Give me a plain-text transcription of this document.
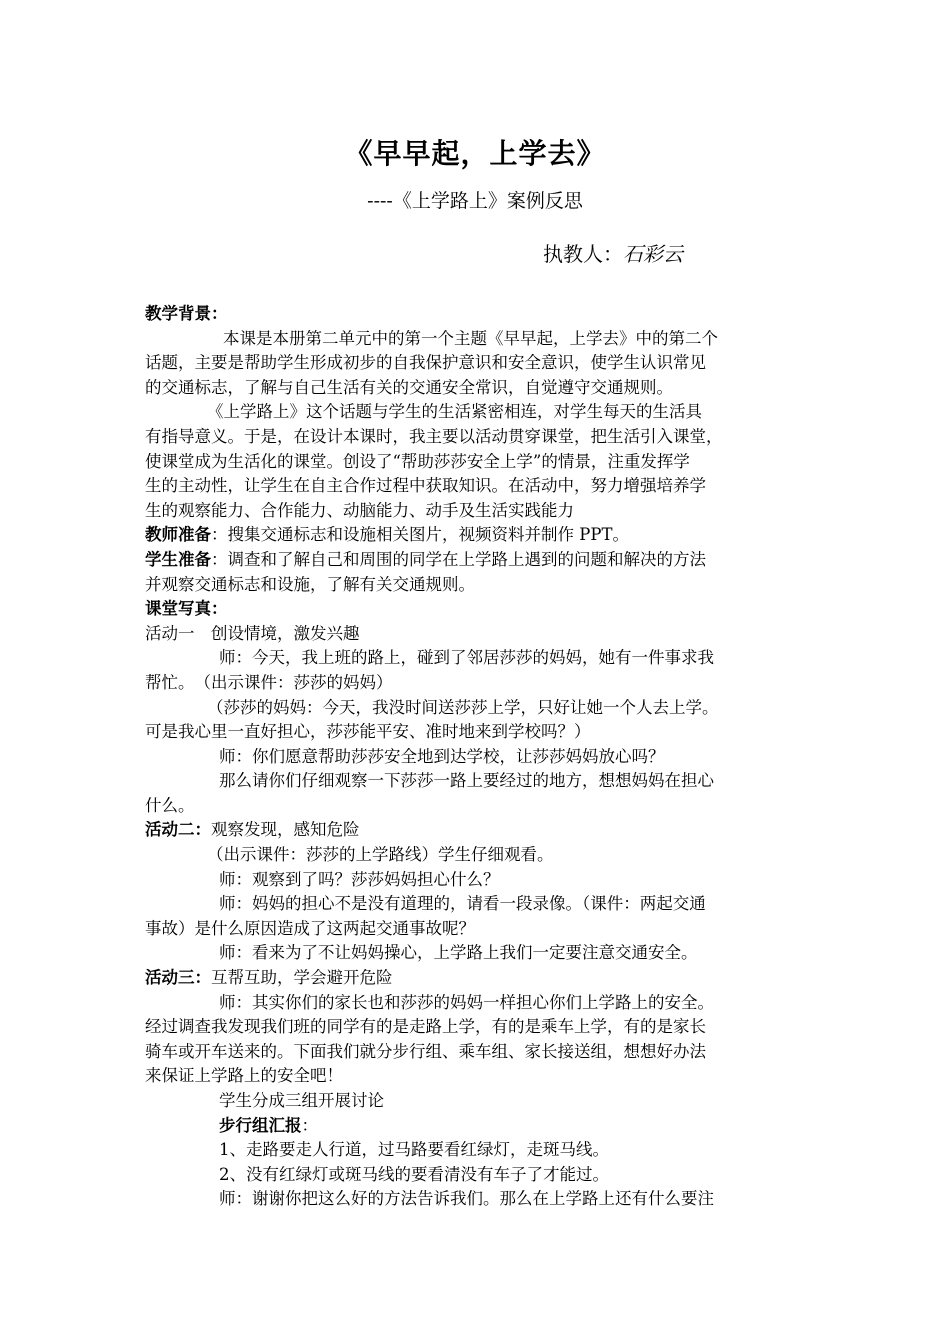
《早早起，上学去》
----《上学路上》案例反思
执教人：石彩云

教学背景：

本课是本册第二单元中的第一个主题《早早起，上学去》中的第二个

话题，主要是帮助学生形成初步的自我保护意识和安全意识，使学生认识常见

的交通标志，了解与自己生活有关的交通安全常识，自觉遵守交通规则。

《上学路上》这个话题与学生的生活紧密相连，对学生每天的生活具

有指导意义。于是，在设计本课时，我主要以活动贯穿课堂，把生活引入课堂，

使课堂成为生活化的课堂。创设了“帮助莎莎安全上学”的情景，注重发挥学

生的主动性，让学生在自主合作过程中获取知识。在活动中，努力增强培养学

生的观察能力、合作能力、动脑能力、动手及生活实践能力

教师准备：搜集交通标志和设施相关图片，视频资料并制作 PPT。

学生准备：调查和了解自己和周围的同学在上学路上遇到的问题和解决的方法

并观察交通标志和设施，了解有关交通规则。

课堂写真：

活动一　创设情境，激发兴趣

师：今天，我上班的路上，碰到了邻居莎莎的妈妈，她有一件事求我

帮忙。　（出示课件：莎莎的妈妈）

（莎莎的妈妈：今天，我没时间送莎莎上学，只好让她一个人去上学。

可是我心里一直好担心，莎莎能平安、准时地来到学校吗？）

师：你们愿意帮助莎莎安全地到达学校，让莎莎妈妈放心吗？

那么请你们仔细观察一下莎莎一路上要经过的地方，想想妈妈在担心

什么。

活动二：观察发现，感知危险

（出示课件：莎莎的上学路线）学生仔细观看。

师：观察到了吗？莎莎妈妈担心什么？

师：妈妈的担心不是没有道理的，请看一段录像。（课件：两起交通

事故）是什么原因造成了这两起交通事故呢？

师：看来为了不让妈妈操心，上学路上我们一定要注意交通安全。

活动三：互帮互助，学会避开危险

师：其实你们的家长也和莎莎的妈妈一样担心你们上学路上的安全。

经过调查我发现我们班的同学有的是走路上学，有的是乘车上学，有的是家长

骑车或开车送来的。下面我们就分步行组、乘车组、家长接送组，想想好办法

来保证上学路上的安全吧！

学生分成三组开展讨论

步行组汇报：

1、走路要走人行道，过马路要看红绿灯，走斑马线。

2、没有红绿灯或斑马线的要看清没有车子了才能过。

师：谢谢你把这么好的方法告诉我们。那么在上学路上还有什么要注
